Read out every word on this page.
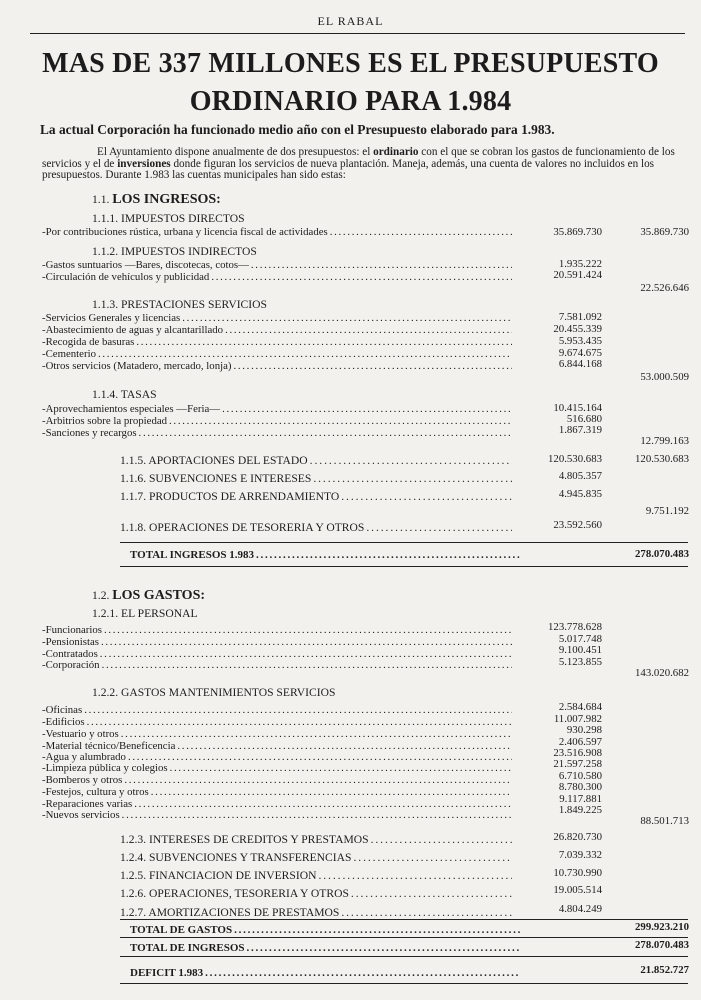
EL RABAL
MAS DE 337 MILLONES ES EL PRESUPUESTO
ORDINARIO PARA 1.984
La actual Corporación ha funcionado medio año con el Presupuesto elaborado para 1.983.
El Ayuntamiento dispone anualmente de dos presupuestos: el ordinario con el que se cobran los gastos de funcionamiento de los servicios y el de inversiones donde figuran los servicios de nueva plantación. Maneja, además, una cuenta de valores no incluidos en los presupuestos. Durante 1.983 las cuentas municipales han sido estas:
1.1. LOS INGRESOS:
1.1.1. IMPUESTOS DIRECTOS
-Por contribuciones rústica, urbana y licencia fiscal de actividades . . .	35.869.730	35.869.730
1.1.2. IMPUESTOS INDIRECTOS
-Gastos suntuarios —Bares, discotecas, cotos— . . .	1.935.222
-Circulación de vehículos y publicidad . . .	20.591.424
22.526.646
1.1.3. PRESTACIONES SERVICIOS
-Servicios Generales y licencias . . .	7.581.092
-Abastecimiento de aguas y alcantarillado . . .	20.455.339
-Recogida de basuras . . .	5.953.435
-Cementerio . . .	9.674.675
-Otros servicios (Matadero, mercado, lonja) . . .	6.844.168
53.000.509
1.1.4. TASAS
-Aprovechamientos especiales —Feria— . . .	10.415.164
-Arbitrios sobre la propiedad . . .	516.680
-Sanciones y recargos . . .	1.867.319
12.799.163
1.1.5. APORTACIONES DEL ESTADO . . .	120.530.683	120.530.683
1.1.6. SUBVENCIONES E INTERESES . . .	4.805.357
1.1.7. PRODUCTOS DE ARRENDAMIENTO . . .	4.945.835
9.751.192
1.1.8. OPERACIONES DE TESORERIA Y OTROS . . .	23.592.560
TOTAL INGRESOS 1.983 . . .	278.070.483
1.2. LOS GASTOS:
1.2.1. EL PERSONAL
-Funcionarios . . .	123.778.628
-Pensionistas . . .	5.017.748
-Contratados . . .	9.100.451
-Corporación . . .	5.123.855
143.020.682
1.2.2. GASTOS MANTENIMIENTOS SERVICIOS
-Oficinas . . .	2.584.684
-Edificios . . .	11.007.982
-Vestuario y otros . . .	930.298
-Material técnico/Beneficencia . . .	2.406.597
-Agua y alumbrado . . .	23.516.908
-Limpieza pública y colegios . . .	21.597.258
-Bomberos y otros . . .	6.710.580
-Festejos, cultura y otros . . .	8.780.300
-Reparaciones varias . . .	9.117.881
-Nuevos servicios . . .	1.849.225
88.501.713
1.2.3. INTERESES DE CREDITOS Y PRESTAMOS . . .	26.820.730
1.2.4. SUBVENCIONES Y TRANSFERENCIAS . . .	7.039.332
1.2.5. FINANCIACION DE INVERSION . . .	10.730.990
1.2.6. OPERACIONES, TESORERIA Y OTROS . . .	19.005.514
1.2.7. AMORTIZACIONES DE PRESTAMOS . . .	4.804.249
TOTAL DE GASTOS . . .	299.923.210
TOTAL DE INGRESOS . . .	278.070.483
DEFICIT 1.983 . . .	21.852.727
